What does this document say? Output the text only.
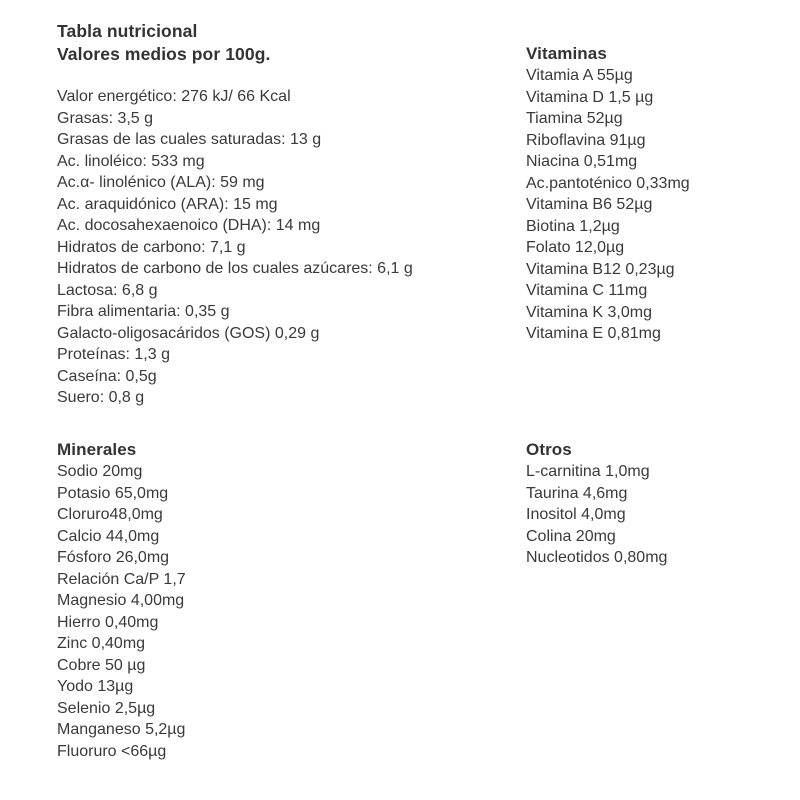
Tabla nutricional
Valores medios por 100g.
Valor energético: 276 kJ/ 66 Kcal
Grasas: 3,5 g
Grasas de las cuales saturadas: 13 g
Ac. linoléico: 533 mg
Ac.α- linolénico (ALA): 59 mg
Ac. araquidónico (ARA): 15 mg
Ac. docosahexaenoico (DHA): 14 mg
Hidratos de carbono: 7,1 g
Hidratos de carbono de los cuales azúcares: 6,1 g
Lactosa: 6,8 g
Fibra alimentaria: 0,35 g
Galacto-oligosacáridos (GOS) 0,29 g
Proteínas: 1,3 g
Caseína: 0,5g
Suero: 0,8 g
Vitaminas
Vitamia A 55µg
Vitamina D 1,5 µg
Tiamina 52µg
Riboflavina 91µg
Niacina 0,51mg
Ac.pantoténico 0,33mg
Vitamina B6 52µg
Biotina 1,2µg
Folato 12,0µg
Vitamina B12 0,23µg
Vitamina C 11mg
Vitamina K 3,0mg
Vitamina E 0,81mg
Minerales
Sodio 20mg
Potasio 65,0mg
Cloruro48,0mg
Calcio 44,0mg
Fósforo 26,0mg
Relación Ca/P 1,7
Magnesio 4,00mg
Hierro 0,40mg
Zinc 0,40mg
Cobre 50 µg
Yodo 13µg
Selenio 2,5µg
Manganeso 5,2µg
Fluoruro <66µg
Otros
L-carnitina 1,0mg
Taurina 4,6mg
Inositol 4,0mg
Colina 20mg
Nucleotidos 0,80mg
